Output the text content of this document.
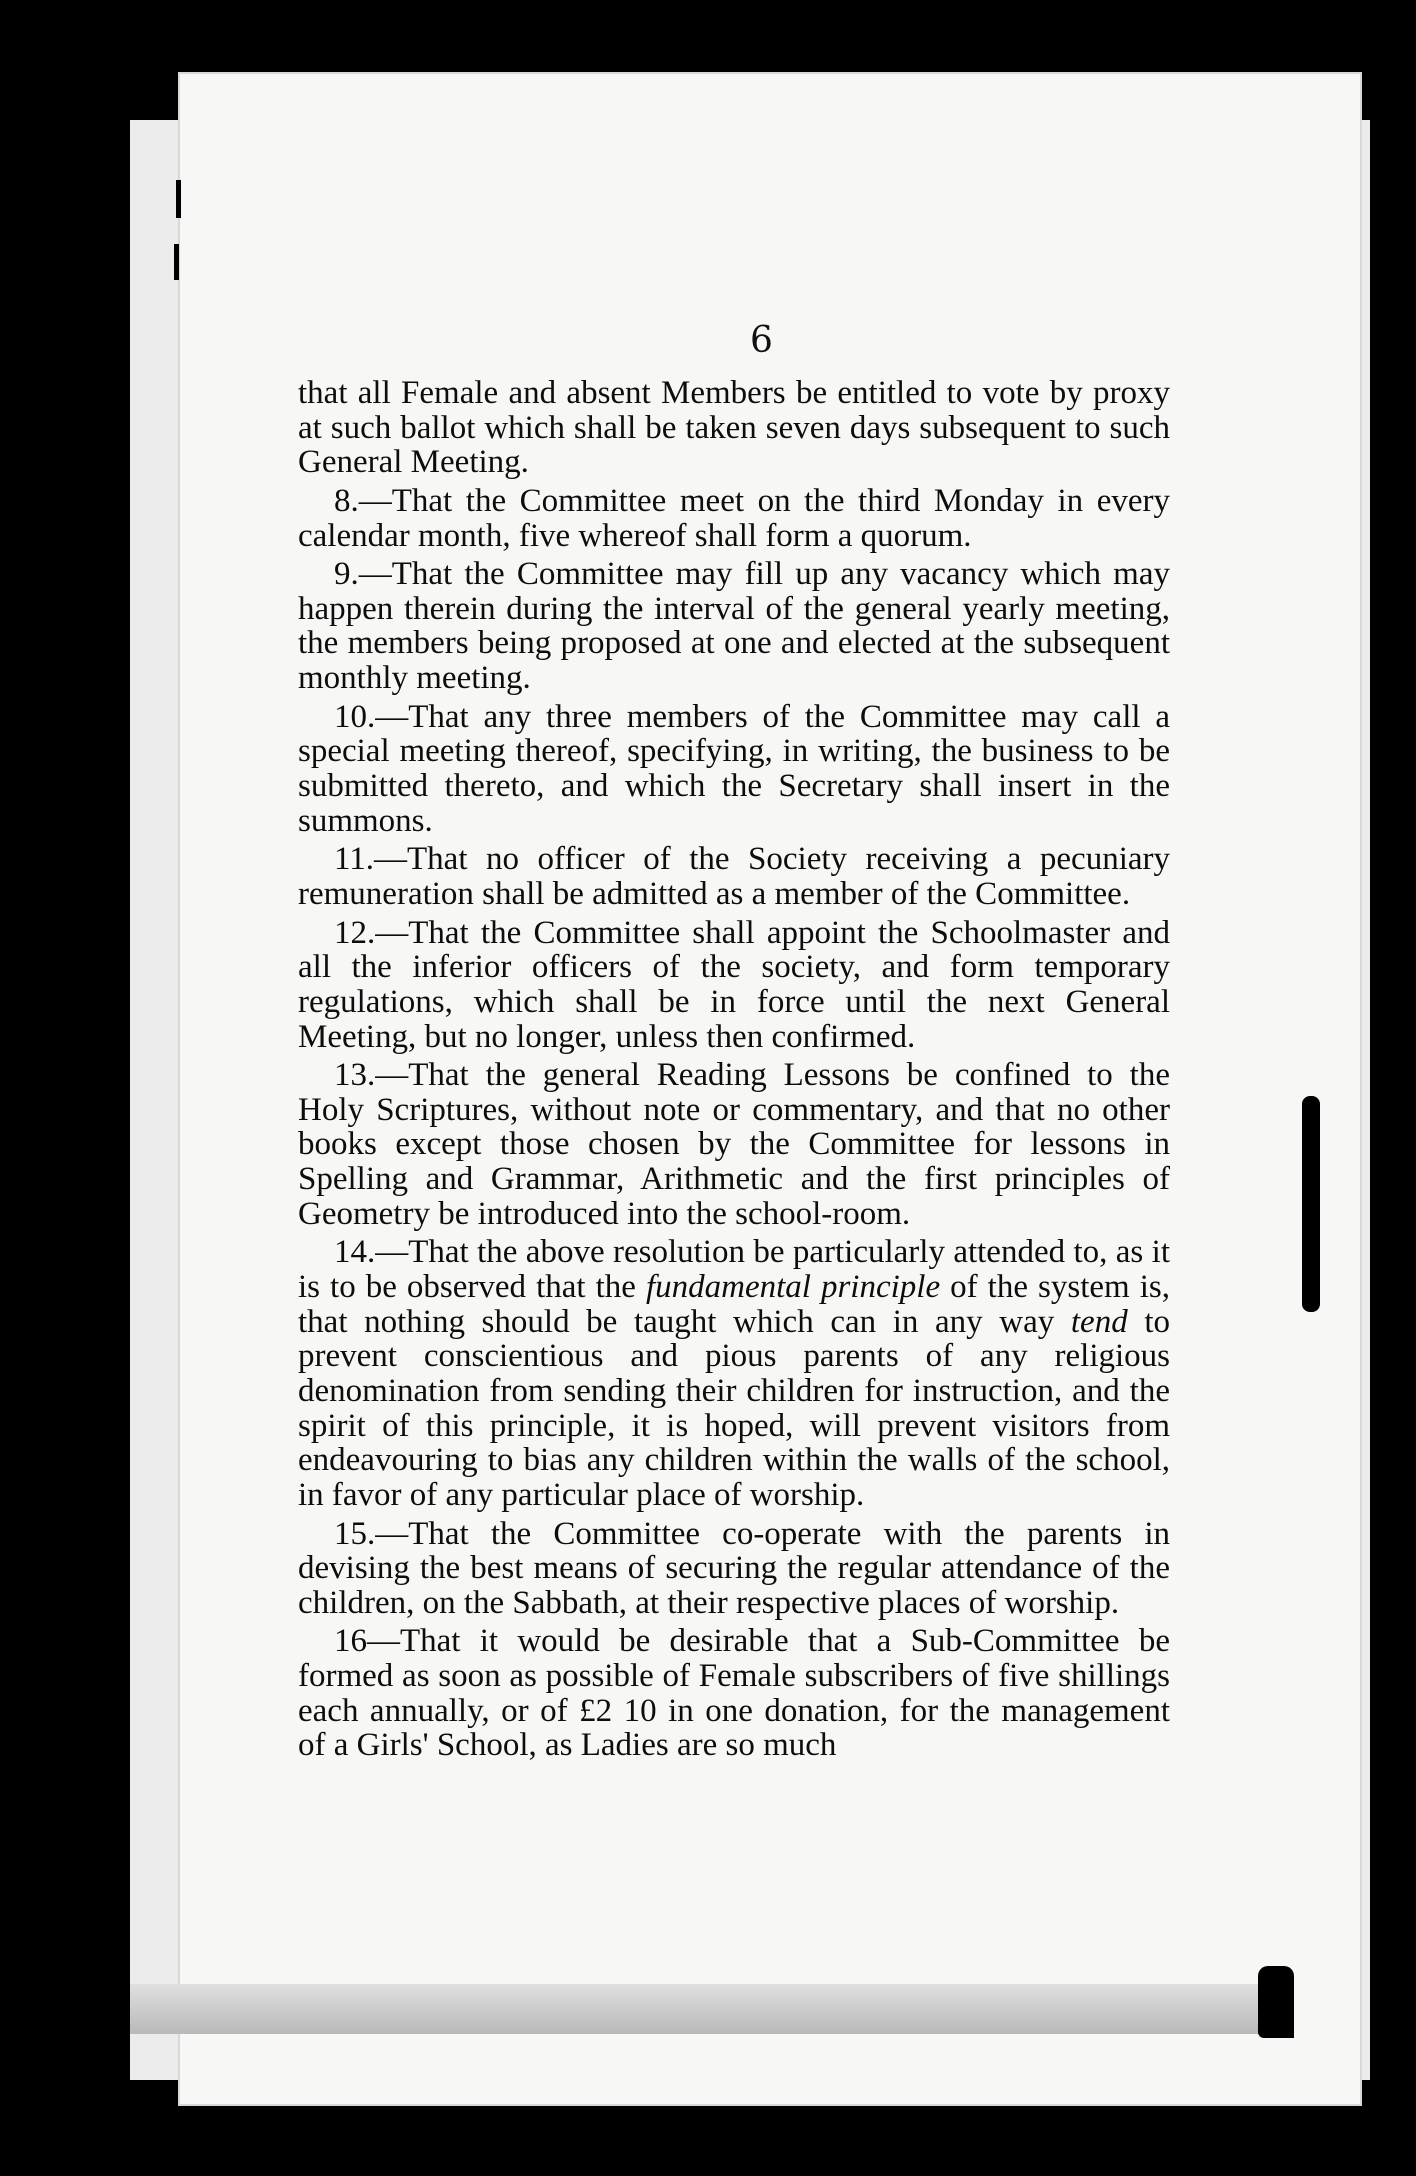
6

that all Female and absent Members be entitled to vote by proxy at such ballot which shall be taken seven days subsequent to such General Meeting.

8.—That the Committee meet on the third Monday in every calendar month, five whereof shall form a quorum.

9.—That the Committee may fill up any vacancy which may happen therein during the interval of the general yearly meeting, the members being proposed at one and elected at the subsequent monthly meeting.

10.—That any three members of the Committee may call a special meeting thereof, specifying, in writing, the business to be submitted thereto, and which the Secretary shall insert in the summons.

11.—That no officer of the Society receiving a pecuniary remuneration shall be admitted as a member of the Committee.

12.—That the Committee shall appoint the Schoolmaster and all the inferior officers of the society, and form temporary regulations, which shall be in force until the next General Meeting, but no longer, unless then confirmed.

13.—That the general Reading Lessons be confined to the Holy Scriptures, without note or commentary, and that no other books except those chosen by the Committee for lessons in Spelling and Grammar, Arithmetic and the first principles of Geometry be introduced into the school-room.

14.—That the above resolution be particularly attended to, as it is to be observed that the fundamental principle of the system is, that nothing should be taught which can in any way tend to prevent conscientious and pious parents of any religious denomination from sending their children for instruction, and the spirit of this principle, it is hoped, will prevent visitors from endeavouring to bias any children within the walls of the school, in favor of any particular place of worship.

15.—That the Committee co-operate with the parents in devising the best means of securing the regular attendance of the children, on the Sabbath, at their respective places of worship.

16—That it would be desirable that a Sub-Committee be formed as soon as possible of Female subscribers of five shillings each annually, or of £2 10 in one donation, for the management of a Girls' School, as Ladies are so much
